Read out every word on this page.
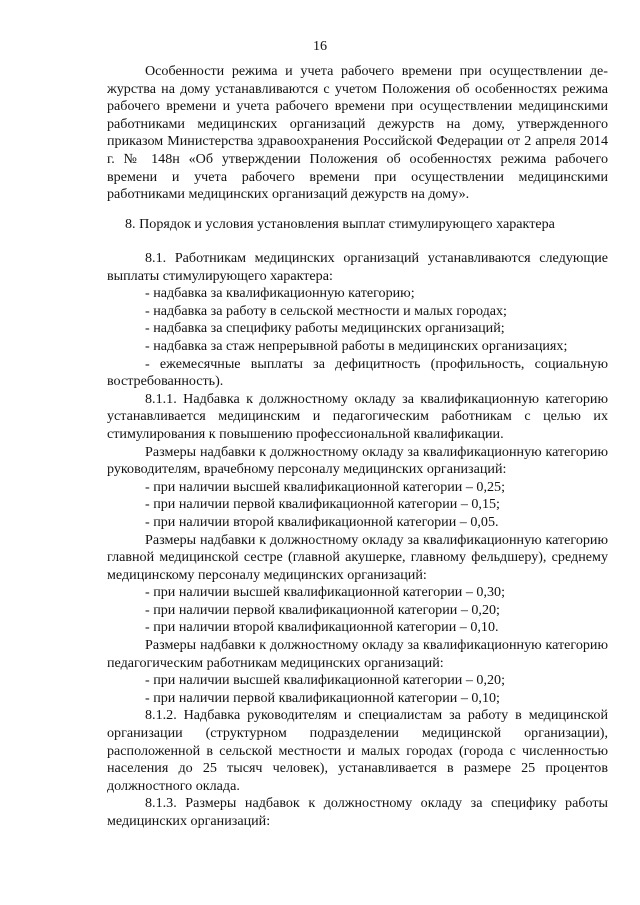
16

Особенности режима и учета рабочего времени при осуществлении дежурства на дому устанавливаются с учетом Положения об особенностях режима рабочего времени и учета рабочего времени при осуществлении медицинскими работниками медицинских организаций дежурств на дому, утвержденного приказом Министерства здравоохранения Российской Федерации от 2 апреля 2014 г. № 148н «Об утверждении Положения об особенностях режима рабочего времени и учета рабочего времени при осуществлении медицинскими работниками медицинских организаций дежурств на дому».

8. Порядок и условия установления выплат стимулирующего характера

8.1. Работникам медицинских организаций устанавливаются следующие выплаты стимулирующего характера:

- надбавка за квалификационную категорию;

- надбавка за работу в сельской местности и малых городах;

- надбавка за специфику работы медицинских организаций;

- надбавка за стаж непрерывной работы в медицинских организациях;

- ежемесячные выплаты за дефицитность (профильность, социальную востребованность).

8.1.1. Надбавка к должностному окладу за квалификационную категорию устанавливается медицинским и педагогическим работникам с целью их стимулирования к повышению профессиональной квалификации.

Размеры надбавки к должностному окладу за квалификационную категорию руководителям, врачебному персоналу медицинских организаций:

- при наличии высшей квалификационной категории – 0,25;

- при наличии первой квалификационной категории – 0,15;

- при наличии второй квалификационной категории – 0,05.

Размеры надбавки к должностному окладу за квалификационную категорию главной медицинской сестре (главной акушерке, главному фельдшеру), среднему медицинскому персоналу медицинских организаций:

- при наличии высшей квалификационной категории – 0,30;

- при наличии первой квалификационной категории – 0,20;

- при наличии второй квалификационной категории – 0,10.

Размеры надбавки к должностному окладу за квалификационную категорию педагогическим работникам медицинских организаций:

- при наличии высшей квалификационной категории – 0,20;

- при наличии первой квалификационной категории – 0,10;

8.1.2. Надбавка руководителям и специалистам за работу в медицинской организации (структурном подразделении медицинской организации), расположенной в сельской местности и малых городах (города с численностью населения до 25 тысяч человек), устанавливается в размере 25 процентов должностного оклада.

8.1.3. Размеры надбавок к должностному окладу за специфику работы медицинских организаций:
